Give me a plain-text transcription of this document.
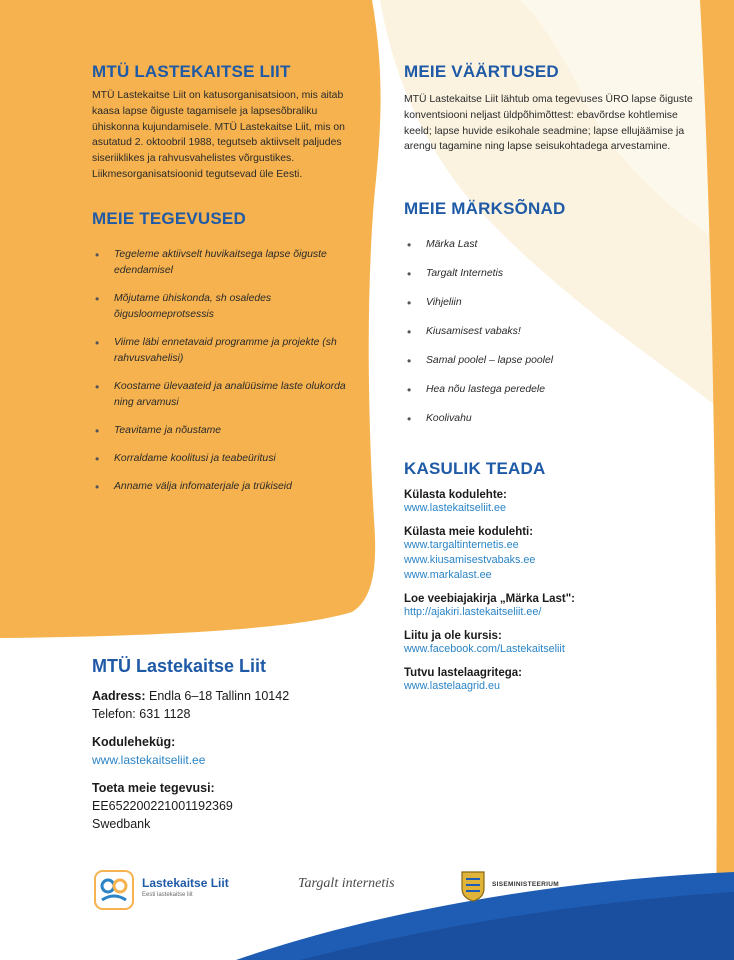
MTÜ LASTEKAITSE LIIT

MTÜ Lastekaitse Liit on katusorganisatsioon, mis aitab kaasa lapse õiguste tagamisele ja lapsesõbraliku ühiskonna kujundamisele. MTÜ Lastekaitse Liit, mis on asutatud 2. oktoobril 1988, tegutseb aktiivselt paljudes siseriiklikes ja rahvusvahelistes võrgustikes. Liikmesorganisatsioonid tegutsevad üle Eesti.

MEIE TEGEVUSED
• Tegeleme aktiivselt huvikaitsega lapse õiguste edendamisel
• Mõjutame ühiskonda, sh osaledes õigusloomeprotsessis
• Viime läbi ennetavaid programme ja projekte (sh rahvusvahelisi)
• Koostame ülevaateid ja analüüsime laste olukorda ning arvamusi
• Teavitame ja nõustame
• Korraldame koolitusi ja teabeüritusi
• Anname välja infomaterjale ja trükiseid
MTÜ Lastekaitse Liit
Aadress: Endla 6–18 Tallinn 10142
Telefon: 631 1128
Koduleheküg:
www.lastekaitseliit.ee
Toeta meie tegevusi:
EE652200221001192369
Swedbank
MEIE VÄÄRTUSED

MTÜ Lastekaitse Liit lähtub oma tegevuses ÜRO lapse õiguste konventsiooni neljast üldpõhimõttest: ebavõrdse kohtlemise keeld; lapse huvide esikohale seadmine; lapse ellujäämise ja arengu tagamine ning lapse seisukohtadega arvestamine.

MEIE MÄRKSÕNAD
• Märka Last
• Targalt Internetis
• Vihjeliin
• Kiusamisest vabaks!
• Samal poolel – lapse poolel
• Hea nõu lastega peredele
• Koolivahu
KASULIK TEADA
Külasta kodulehte:
www.lastekaitseliit.ee
Külasta meie kodulehti:
www.targaltinternetis.ee
www.kiusamisestvabaks.ee
www.markalast.ee
Loe veebiajakirja „Märka Last":
http://ajakiri.lastekaitseliit.ee/
Liitu ja ole kursis:
www.facebook.com/Lastekaitseliit
Tutvu lastelaagritega:
www.lastelaagrid.eu
Lastekaitse Liit
Eesti lastekaitse liit
Targalt internetis	SISEMINISTEERIUM
